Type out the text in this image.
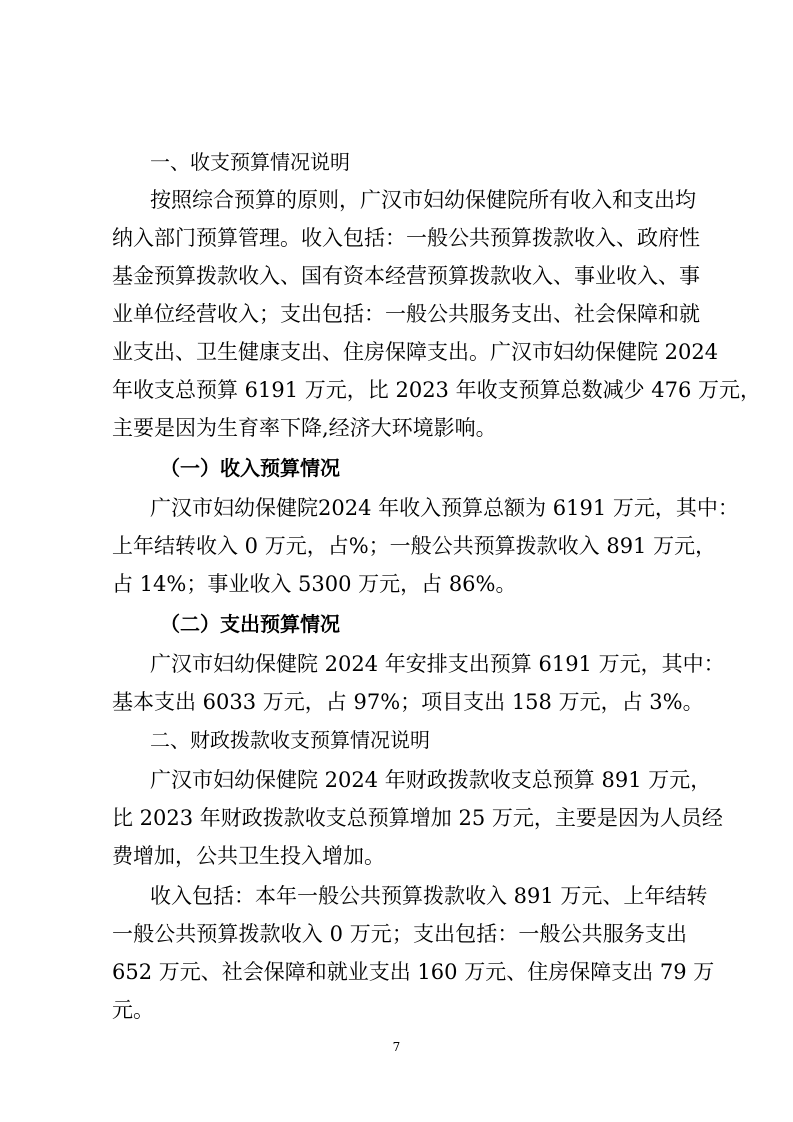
一、收支预算情况说明
按照综合预算的原则，广汉市妇幼保健院所有收入和支出均
纳入部门预算管理。收入包括：一般公共预算拨款收入、政府性
基金预算拨款收入、国有资本经营预算拨款收入、事业收入、事
业单位经营收入；支出包括：一般公共服务支出、社会保障和就
业支出、卫生健康支出、住房保障支出。广汉市妇幼保健院 2024
年收支总预算 6191 万元，比 2023 年收支预算总数减少 476 万元，
主要是因为生育率下降,经济大环境影响。
（一）收入预算情况
广汉市妇幼保健院2024 年收入预算总额为 6191 万元，其中：
上年结转收入 0 万元，占%；一般公共预算拨款收入 891 万元，
占 14%；事业收入 5300 万元，占 86%。
（二）支出预算情况
广汉市妇幼保健院 2024 年安排支出预算 6191 万元，其中：
基本支出 6033 万元，占 97%；项目支出 158 万元，占 3%。
二、财政拨款收支预算情况说明
广汉市妇幼保健院 2024 年财政拨款收支总预算 891 万元，
比 2023 年财政拨款收支总预算增加 25 万元，主要是因为人员经
费增加，公共卫生投入增加。
收入包括：本年一般公共预算拨款收入 891 万元、上年结转
一般公共预算拨款收入 0 万元；支出包括：一般公共服务支出
652 万元、社会保障和就业支出 160 万元、住房保障支出 79 万
元。
7
